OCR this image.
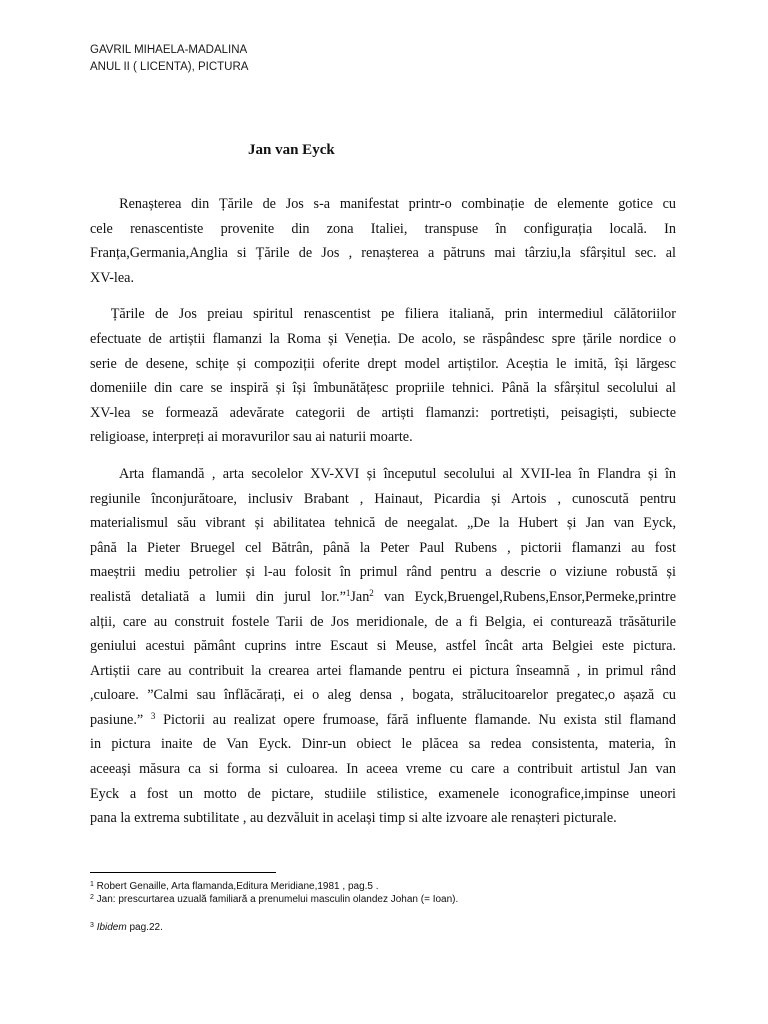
GAVRIL MIHAELA-MADALINA
ANUL II ( LICENTA), PICTURA
Jan van Eyck
Renașterea din Țările de Jos s-a manifestat printr-o combinație de elemente gotice cu
cele renascentiste provenite din zona Italiei, transpuse în configurația locală. In
Franța,Germania,Anglia si Țările de Jos , renașterea a pătruns mai târziu,la sfârșitul sec. al
XV-lea.
Țările de Jos preiau spiritul renascentist pe filiera italiană, prin intermediul călătoriilor
efectuate de artiștii flamanzi la Roma și Veneția. De acolo, se răspândesc spre țările nordice o
serie de desene, schițe și compoziții oferite drept model artiștilor. Aceștia le imită, își lărgesc
domeniile din care se inspiră și își îmbunătățesc propriile tehnici. Până la sfârșitul secolului al
XV-lea se formează adevărate categorii de artiști flamanzi: portretiști, peisagiști, subiecte
religioase, interpreți ai moravurilor sau ai naturii moarte.
Arta flamandă , arta secolelor XV-XVI și începutul secolului al XVII-lea în Flandra și în
regiunile înconjurătoare, inclusiv Brabant , Hainaut, Picardia și Artois , cunoscută pentru
materialismul său vibrant și abilitatea tehnică de neegalat. „De la Hubert și Jan van Eyck,
până la Pieter Bruegel cel Bătrân, până la Peter Paul Rubens , pictorii flamanzi au fost
maeștrii mediu petrolier și l-au folosit în primul rând pentru a descrie o viziune robustă și
realistă detaliată a lumii din jurul lor.”$^1$Jan$^2$ van Eyck,Bruengel,Rubens,Ensor,Permeke,printre
alții, care au construit fostele Tarii de Jos meridionale, de a fi Belgia, ei conturează trăsăturile
geniului acestui pământ cuprins intre Escaut si Meuse, astfel încât arta Belgiei este pictura.
Artiștii care au contribuit la crearea artei flamande pentru ei pictura înseamnă , in primul rând
,culoare. ”Calmi sau înflăcărați, ei o aleg densa , bogata, strălucitoarelor pregatec,o așază cu
pasiune.” $^3$ Pictorii au realizat opere frumoase, fără influente flamande. Nu exista stil flamand
in pictura inaite de Van Eyck. Dinr-un obiect le plăcea sa redea consistenta, materia, în
aceeași măsura ca si forma si culoarea. In aceea vreme cu care a contribuit artistul Jan van
Eyck a fost un motto de pictare, studiile stilistice, examenele iconografice,impinse uneori
pana la extrema subtilitate , au dezvăluit in același timp si alte izvoare ale renașteri picturale.
$^1$ Robert Genaille, Arta flamanda,Editura Meridiane,1981 , pag.5 .
$^2$ Jan: prescurtarea uzuală familiară a prenumelui masculin olandez Johan (= Ioan).
$^3$ Ibidem pag.22.
